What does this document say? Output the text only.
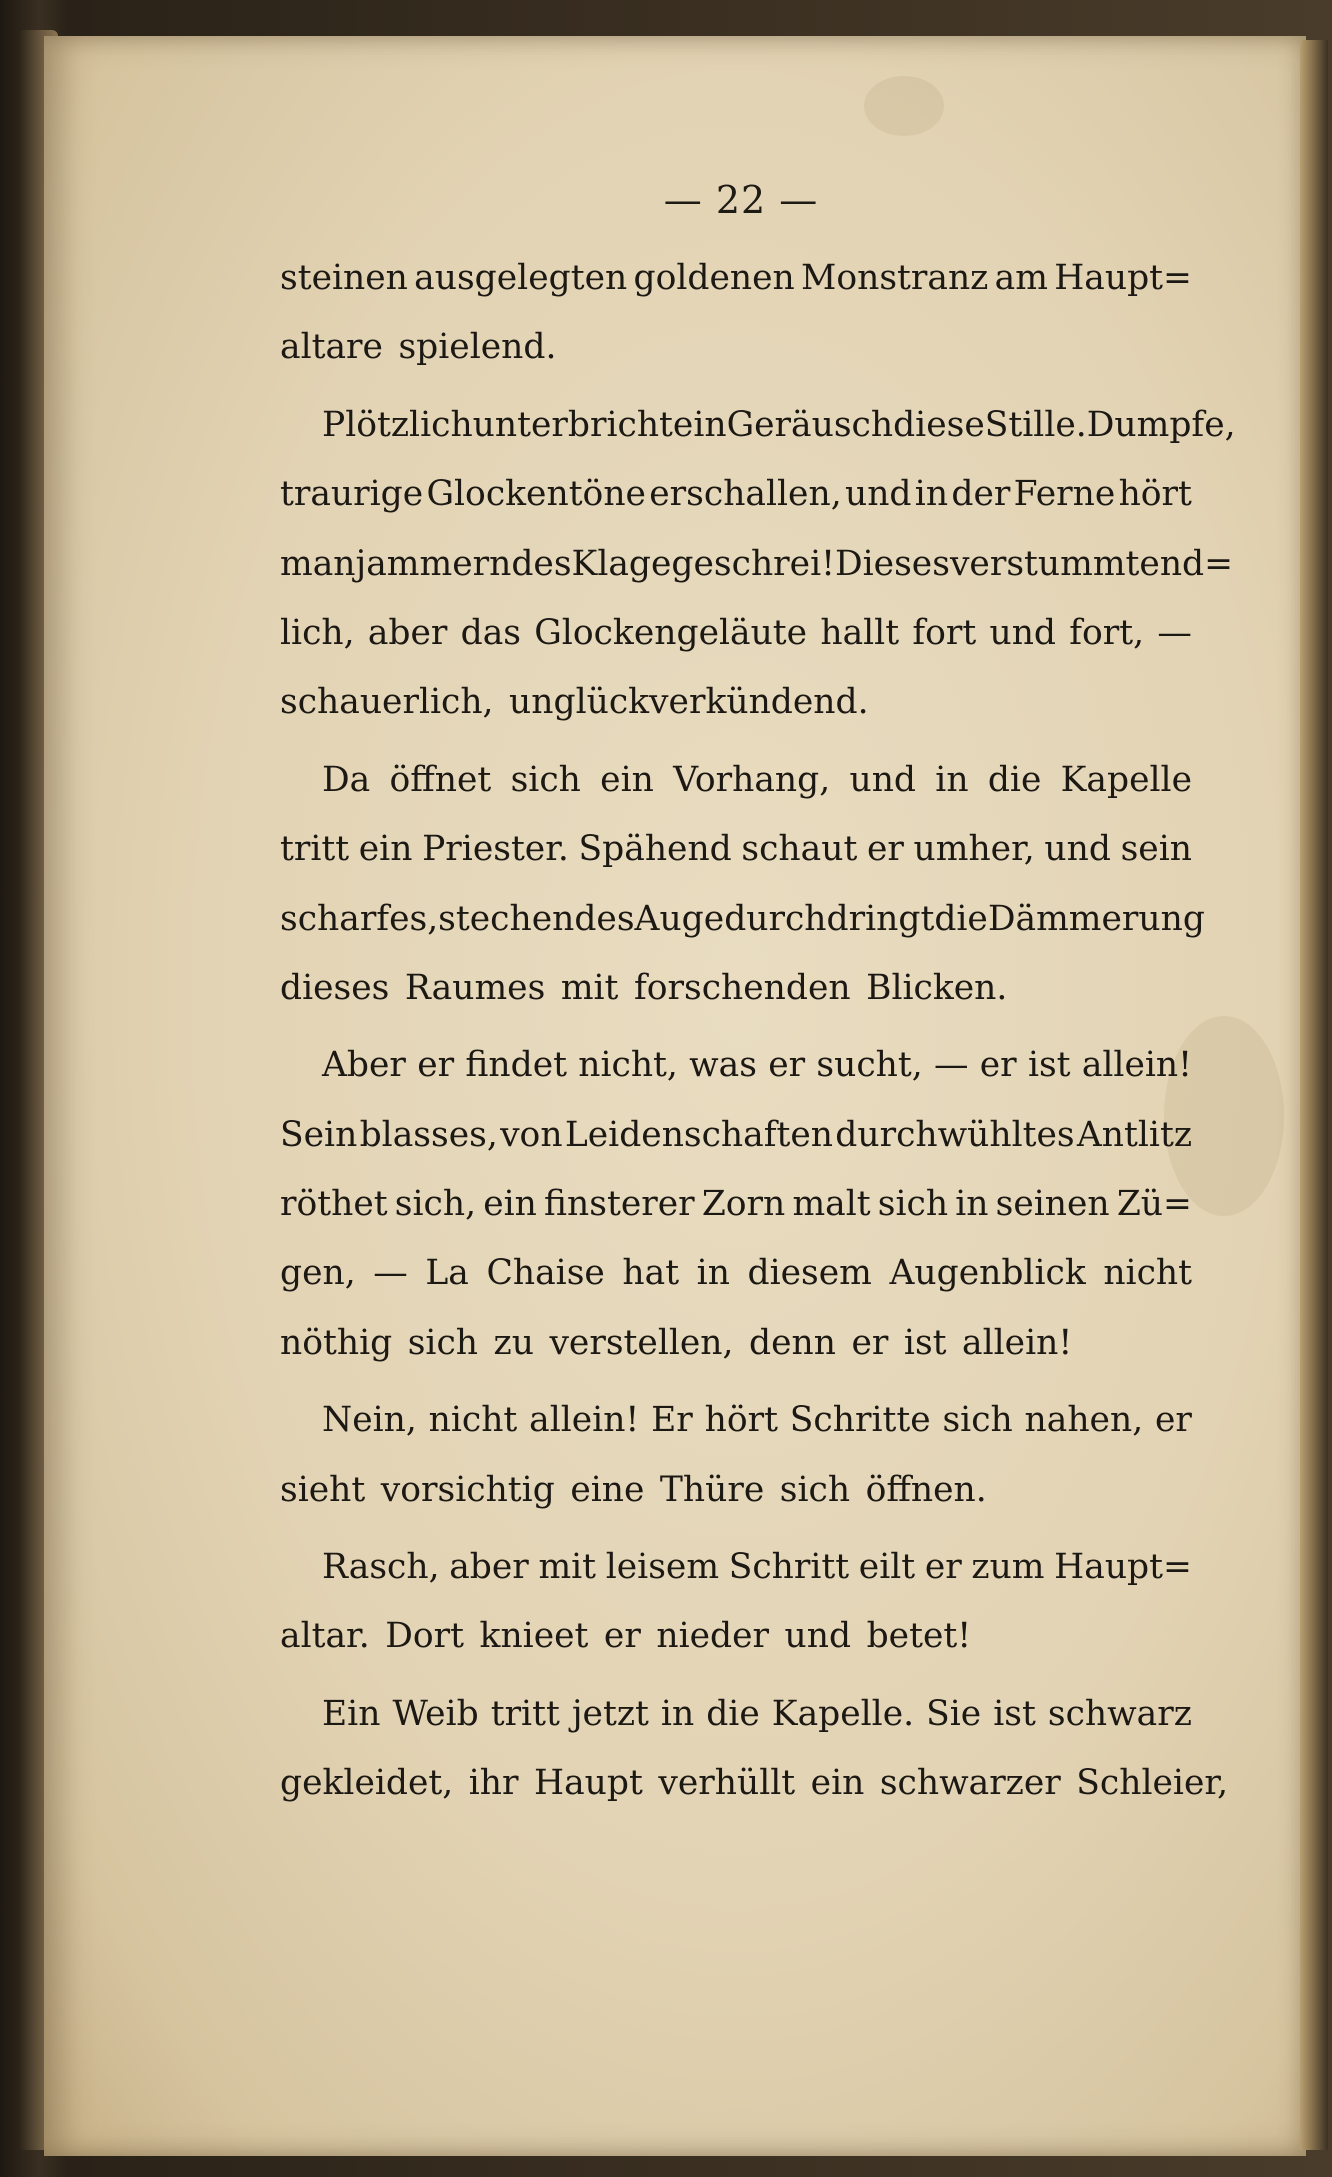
— 22 —
steinen ausgelegten goldenen Monstranz am Haupt=
altare spielend.
Plötzlich unterbricht ein Geräusch diese Stille. Dumpfe,
traurige Glockentöne erschallen, und in der Ferne hört
man jammerndes Klagegeschrei! Dieses verstummt end=
lich, aber das Glockengeläute hallt fort und fort, —
schauerlich, unglückverkündend.
Da öffnet sich ein Vorhang, und in die Kapelle
tritt ein Priester. Spähend schaut er umher, und sein
scharfes, stechendes Auge durchdringt die Dämmerung
dieses Raumes mit forschenden Blicken.
Aber er findet nicht, was er sucht, — er ist allein!
Sein blasses, von Leidenschaften durchwühltes Antlitz
röthet sich, ein finsterer Zorn malt sich in seinen Zü=
gen, — La Chaise hat in diesem Augenblick nicht
nöthig sich zu verstellen, denn er ist allein!
Nein, nicht allein! Er hört Schritte sich nahen, er
sieht vorsichtig eine Thüre sich öffnen.
Rasch, aber mit leisem Schritt eilt er zum Haupt=
altar. Dort knieet er nieder und betet!
Ein Weib tritt jetzt in die Kapelle. Sie ist schwarz
gekleidet, ihr Haupt verhüllt ein schwarzer Schleier,
